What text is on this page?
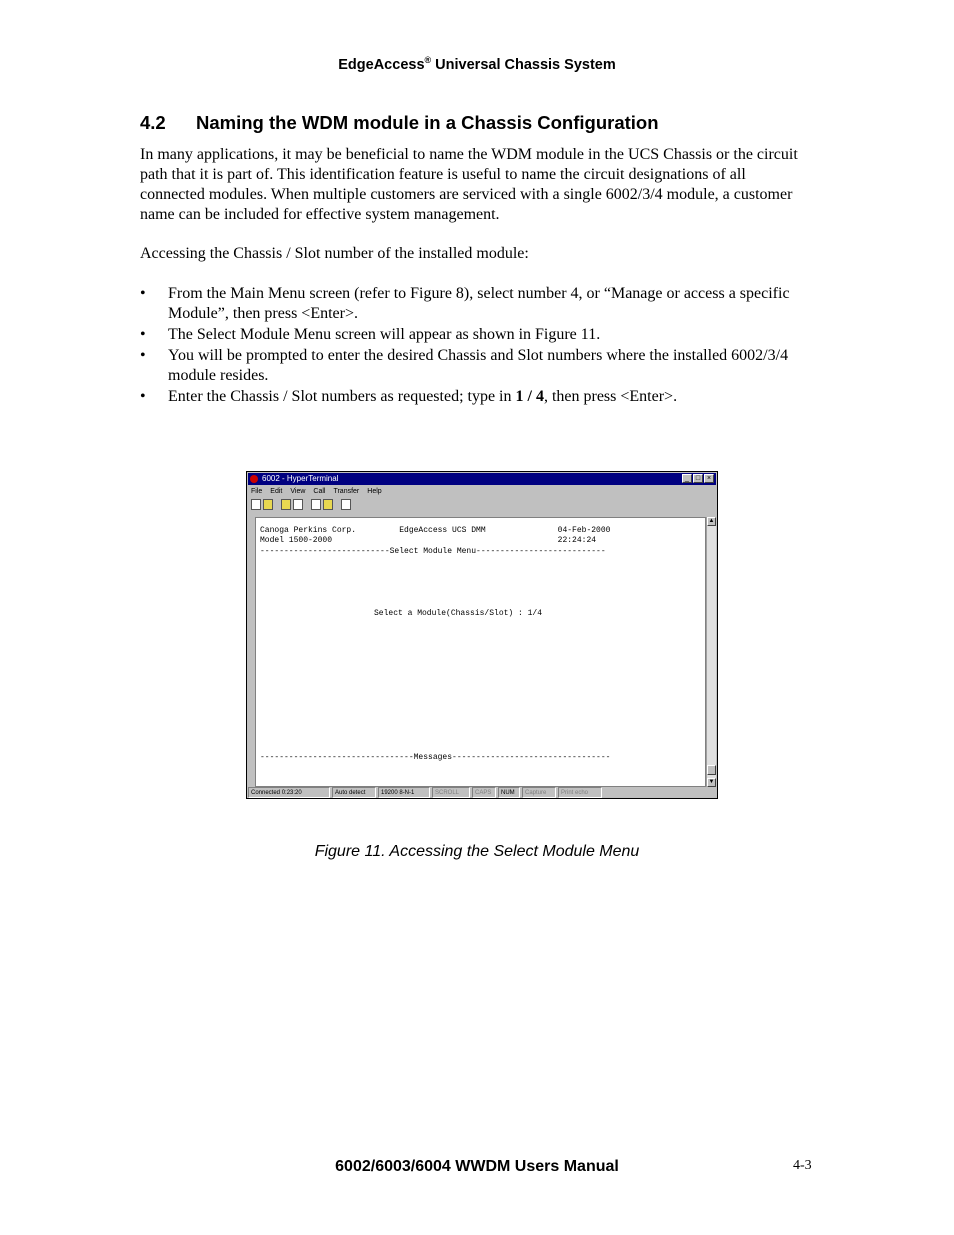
EdgeAccess® Universal Chassis System
4.2 Naming the WDM module in a Chassis Configuration
In many applications, it may be beneficial to name the WDM module in the UCS Chassis or the circuit path that it is part of. This identification feature is useful to name the circuit designations of all connected modules. When multiple customers are serviced with a single 6002/3/4 module, a customer name can be included for effective system management.
Accessing the Chassis / Slot number of the installed module:
• From the Main Menu screen (refer to Figure 8), select number 4, or “Manage or access a specific Module”, then press <Enter>.
• The Select Module Menu screen will appear as shown in Figure 11.
• You will be prompted to enter the desired Chassis and Slot numbers where the installed 6002/3/4 module resides.
• Enter the Chassis / Slot numbers as requested; type in 1 / 4, then press <Enter>.
6002 - HyperTerminal	_ □ ×
File Edit View Call Transfer Help
Canoga Perkins Corp.         EdgeAccess UCS DMM               04-Feb-2000
Model 1500-2000                                               22:24:24
---------------------------Select Module Menu---------------------------
Select a Module(Chassis/Slot) : 1/4
--------------------------------Messages---------------------------------
▲
▼
Connected 0:23:20	Auto detect	19200 8-N-1	SCROLL	CAPS	NUM	Capture	Print echo
Figure 11. Accessing the Select Module Menu
6002/6003/6004 WWDM Users Manual	4-3
